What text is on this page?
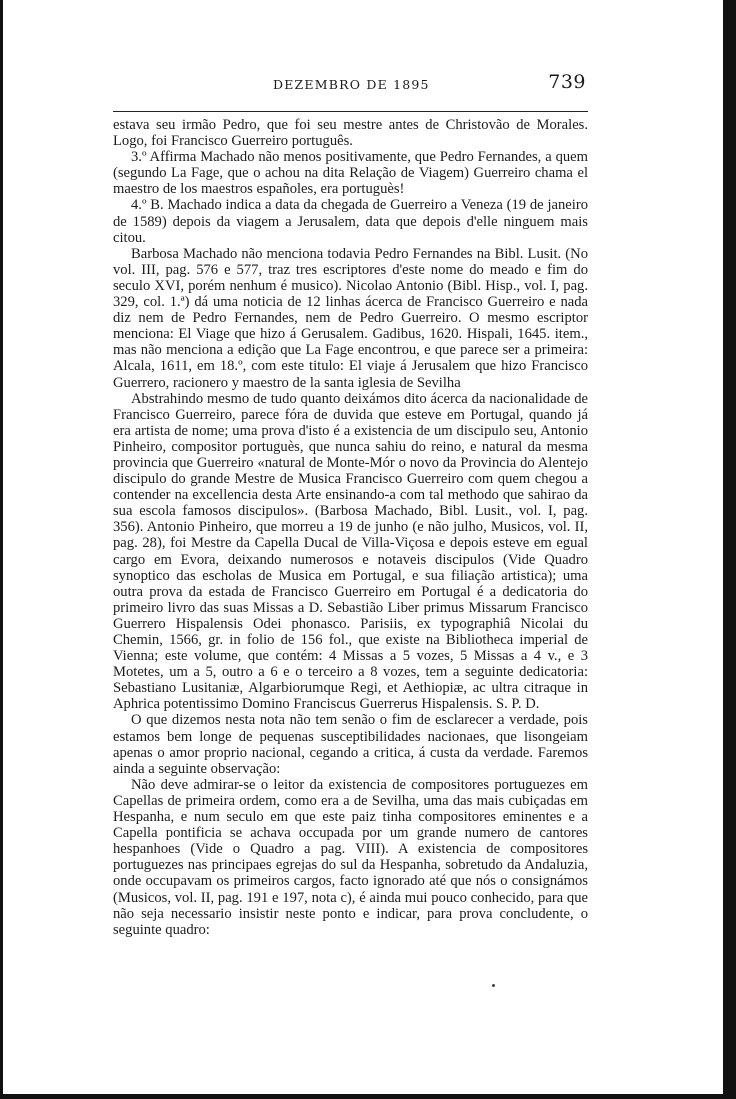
DEZEMBRO DE 1895	739

estava seu irmão Pedro, que foi seu mestre antes de Christovão de Morales. Logo, foi Francisco Guerreiro português.

3.º Affirma Machado não menos positivamente, que Pedro Fernandes, a quem (segundo La Fage, que o achou na dita Relação de Viagem) Guerreiro chama el maestro de los maestros españoles, era portuguès!

4.º B. Machado indica a data da chegada de Guerreiro a Veneza (19 de janeiro de 1589) depois da viagem a Jerusalem, data que depois d'elle ninguem mais citou.

Barbosa Machado não menciona todavia Pedro Fernandes na Bibl. Lusit. (No vol. III, pag. 576 e 577, traz tres escriptores d'este nome do meado e fim do seculo XVI, porém nenhum é musico). Nicolao Antonio (Bibl. Hisp., vol. I, pag. 329, col. 1.ª) dá uma noticia de 12 linhas ácerca de Francisco Guerreiro e nada diz nem de Pedro Fernandes, nem de Pedro Guerreiro. O mesmo escriptor menciona: El Viage que hizo á Gerusalem. Gadibus, 1620. Hispali, 1645. item., mas não menciona a edição que La Fage encontrou, e que parece ser a primeira: Alcala, 1611, em 18.º, com este titulo: El viaje á Jerusalem que hizo Francisco Guerrero, racionero y maestro de la santa iglesia de Sevilha

Abstrahindo mesmo de tudo quanto deixámos dito ácerca da nacionalidade de Francisco Guerreiro, parece fóra de duvida que esteve em Portugal, quando já era artista de nome; uma prova d'isto é a existencia de um discipulo seu, Antonio Pinheiro, compositor portuguès, que nunca sahiu do reino, e natural da mesma provincia que Guerreiro «natural de Monte-Mór o novo da Provincia do Alentejo discipulo do grande Mestre de Musica Francisco Guerreiro com quem chegou a contender na excellencia desta Arte ensinando-a com tal methodo que sahirao da sua escola famosos discipulos». (Barbosa Machado, Bibl. Lusit., vol. I, pag. 356). Antonio Pinheiro, que morreu a 19 de junho (e não julho, Musicos, vol. II, pag. 28), foi Mestre da Capella Ducal de Villa-Viçosa e depois esteve em egual cargo em Evora, deixando numerosos e notaveis discipulos (Vide Quadro synoptico das escholas de Musica em Portugal, e sua filiação artistica); uma outra prova da estada de Francisco Guerreiro em Portugal é a dedicatoria do primeiro livro das suas Missas a D. Sebastião Liber primus Missarum Francisco Guerrero Hispalensis Odei phonasco. Parisiis, ex typographiâ Nicolai du Chemin, 1566, gr. in folio de 156 fol., que existe na Bibliotheca imperial de Vienna; este volume, que contém: 4 Missas a 5 vozes, 5 Missas a 4 v., e 3 Motetes, um a 5, outro a 6 e o terceiro a 8 vozes, tem a seguinte dedicatoria: Sebastiano Lusitaniæ, Algarbiorumque Regi, et Aethiopiæ, ac ultra citraque in Aphrica potentissimo Domino Franciscus Guerrerus Hispalensis. S. P. D.

O que dizemos nesta nota não tem senão o fim de esclarecer a verdade, pois estamos bem longe de pequenas susceptibilidades nacionaes, que lisongeiam apenas o amor proprio nacional, cegando a critica, á custa da verdade. Faremos ainda a seguinte observação:

Não deve admirar-se o leitor da existencia de compositores portuguezes em Capellas de primeira ordem, como era a de Sevilha, uma das mais cubiçadas em Hespanha, e num seculo em que este paiz tinha compositores eminentes e a Capella pontificia se achava occupada por um grande numero de cantores hespanhoes (Vide o Quadro a pag. VIII). A existencia de compositores portuguezes nas principaes egrejas do sul da Hespanha, sobretudo da Andaluzia, onde occupavam os primeiros cargos, facto ignorado até que nós o consignámos (Musicos, vol. II, pag. 191 e 197, nota c), é ainda mui pouco conhecido, para que não seja necessario insistir neste ponto e indicar, para prova concludente, o seguinte quadro:
